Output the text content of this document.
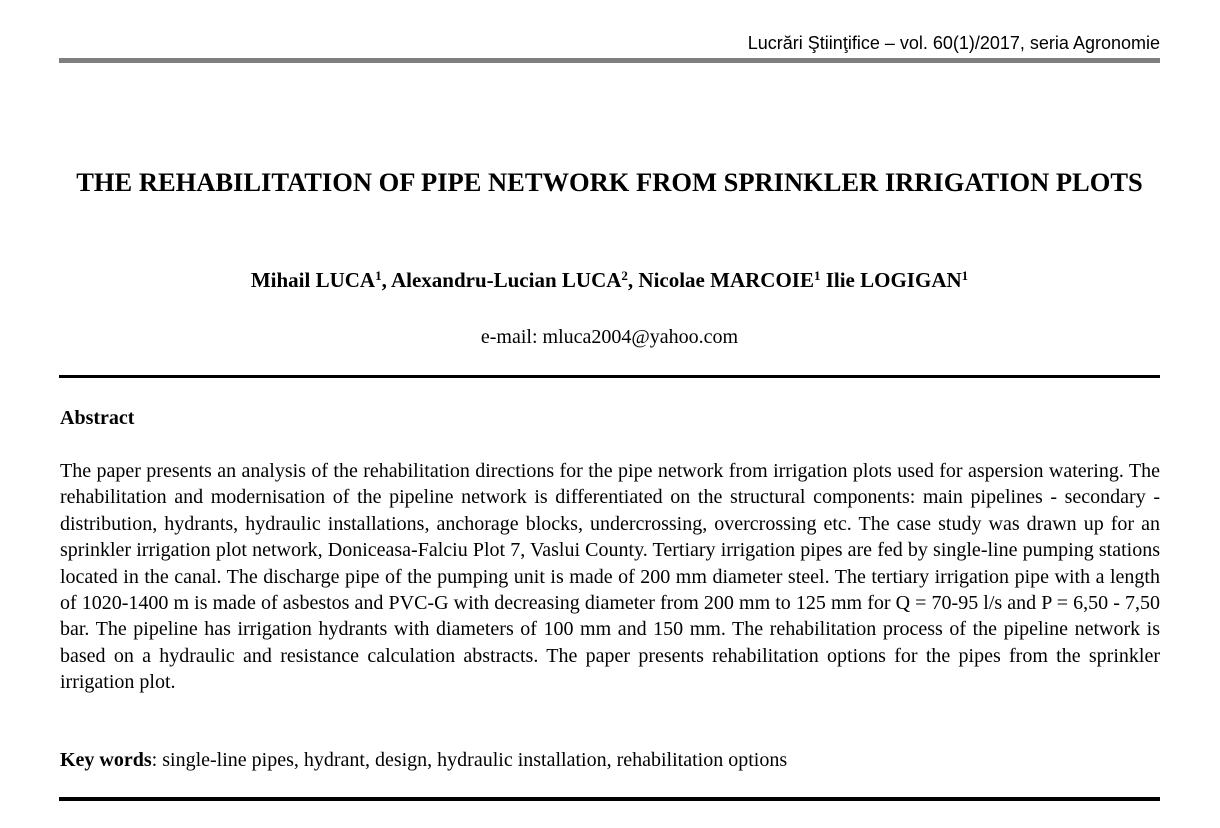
Lucrări Ştiinţifice – vol. 60(1)/2017, seria Agronomie
THE REHABILITATION OF PIPE NETWORK FROM SPRINKLER IRRIGATION PLOTS
Mihail LUCA$^1$, Alexandru-Lucian LUCA$^2$, Nicolae MARCOIE$^1$ Ilie LOGIGAN$^1$
e-mail: mluca2004@yahoo.com
Abstract

The paper presents an analysis of the rehabilitation directions for the pipe network from irrigation plots used for aspersion watering. The rehabilitation and modernisation of the pipeline network is differentiated on the structural components: main pipelines - secondary - distribution, hydrants, hydraulic installations, anchorage blocks, undercrossing, overcrossing etc. The case study was drawn up for an sprinkler irrigation plot network, Doniceasa-Falciu Plot 7, Vaslui County. Tertiary irrigation pipes are fed by single-line pumping stations located in the canal. The discharge pipe of the pumping unit is made of 200 mm diameter steel. The tertiary irrigation pipe with a length of 1020-1400 m is made of asbestos and PVC-G with decreasing diameter from 200 mm to 125 mm for Q = 70-95 l/s and P = 6,50 - 7,50 bar. The pipeline has irrigation hydrants with diameters of 100 mm and 150 mm. The rehabilitation process of the pipeline network is based on a hydraulic and resistance calculation abstracts. The paper presents rehabilitation options for the pipes from the sprinkler irrigation plot.

Key words: single-line pipes, hydrant, design, hydraulic installation, rehabilitation options
